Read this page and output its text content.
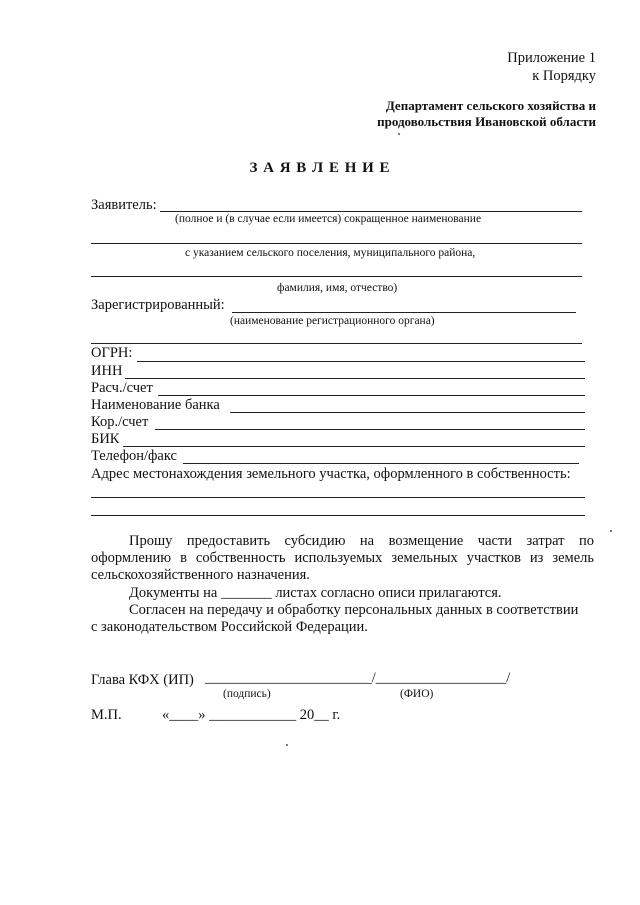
Приложение 1
к Порядку
Департамент сельского хозяйства и
продовольствия Ивановской области
З А Я В Л Е Н И Е
Заявитель:
(полное и (в случае если имеется) сокращенное наименование
с указанием сельского поселения, муниципального района,
фамилия, имя, отчество)
Зарегистрированный:
(наименование регистрационного органа)
ОГРН:
ИНН
Расч./счет
Наименование банка
Кор./счет
БИК
Телефон/факс
Адрес местонахождения земельного участка, оформленного в собственность:
Прошу предоставить субсидию на возмещение части затрат по
оформлению в собственность используемых земельных участков из земель
сельскохозяйственного назначения.
Документы на _______ листах согласно описи прилагаются.
Согласен на передачу и обработку персональных данных в соответствии
с законодательством Российской Федерации.
Глава КФХ (ИП) _______________________/__________________/
(подпись)	(ФИО)
М.П.	«____» ____________ 20__ г.
